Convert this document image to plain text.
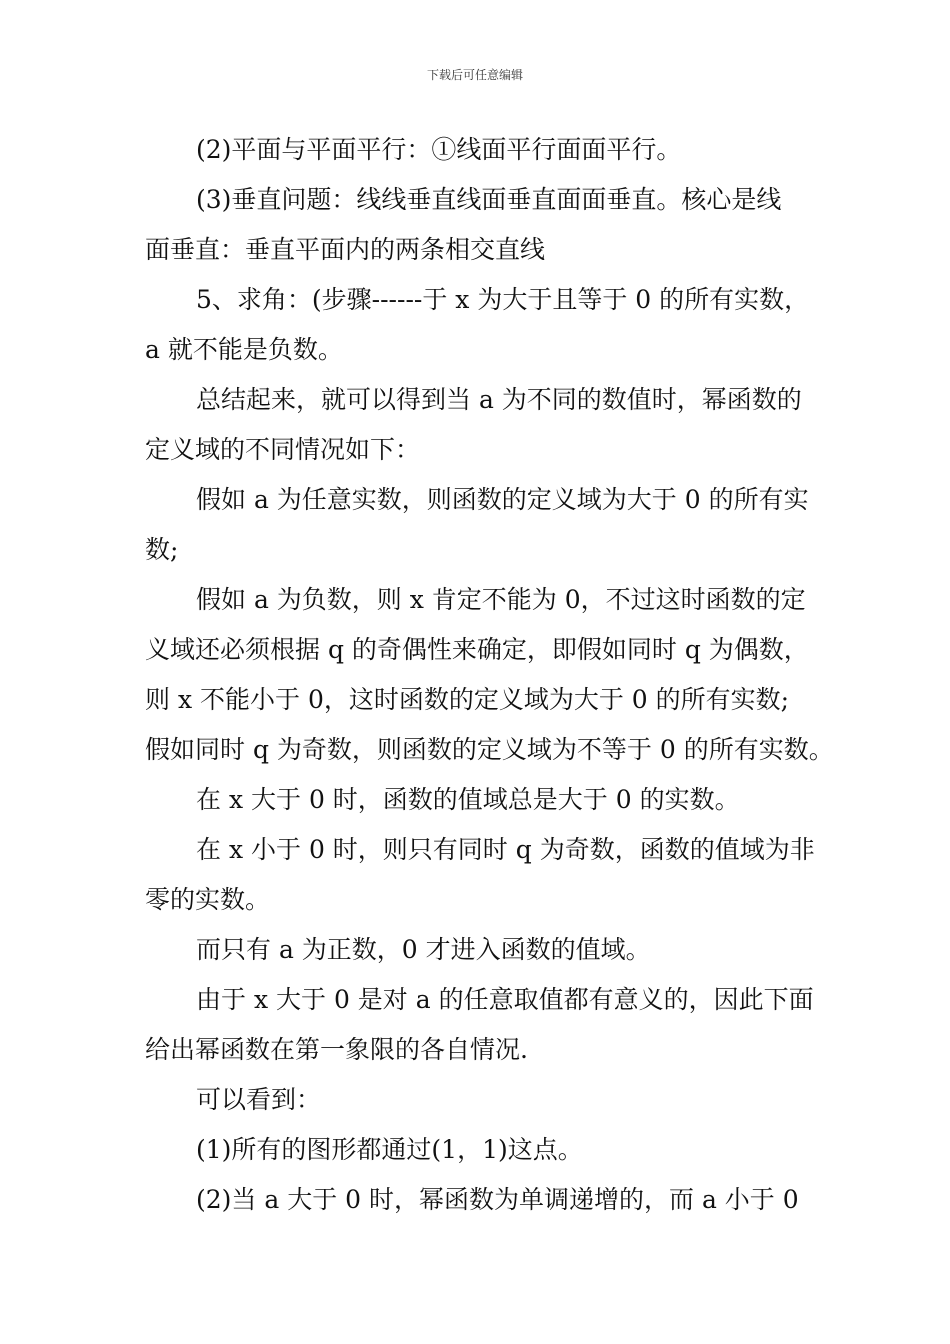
下载后可任意编辑
(2)平面与平面平行：①线面平行面面平行。
(3)垂直问题：线线垂直线面垂直面面垂直。核心是线
面垂直：垂直平面内的两条相交直线
5、求角：(步骤------于 x 为大于且等于 0 的所有实数，
a 就不能是负数。
总结起来，就可以得到当 a 为不同的数值时，幂函数的
定义域的不同情况如下：
假如 a 为任意实数，则函数的定义域为大于 0 的所有实
数;
假如 a 为负数，则 x 肯定不能为 0，不过这时函数的定
义域还必须根据 q 的奇偶性来确定，即假如同时 q 为偶数，
则 x 不能小于 0，这时函数的定义域为大于 0 的所有实数;
假如同时 q 为奇数，则函数的定义域为不等于 0 的所有实数。
在 x 大于 0 时，函数的值域总是大于 0 的实数。
在 x 小于 0 时，则只有同时 q 为奇数，函数的值域为非
零的实数。
而只有 a 为正数，0 才进入函数的值域。
由于 x 大于 0 是对 a 的任意取值都有意义的，因此下面
给出幂函数在第一象限的各自情况.
可以看到：
(1)所有的图形都通过(1，1)这点。
(2)当 a 大于 0 时，幂函数为单调递增的，而 a 小于 0
